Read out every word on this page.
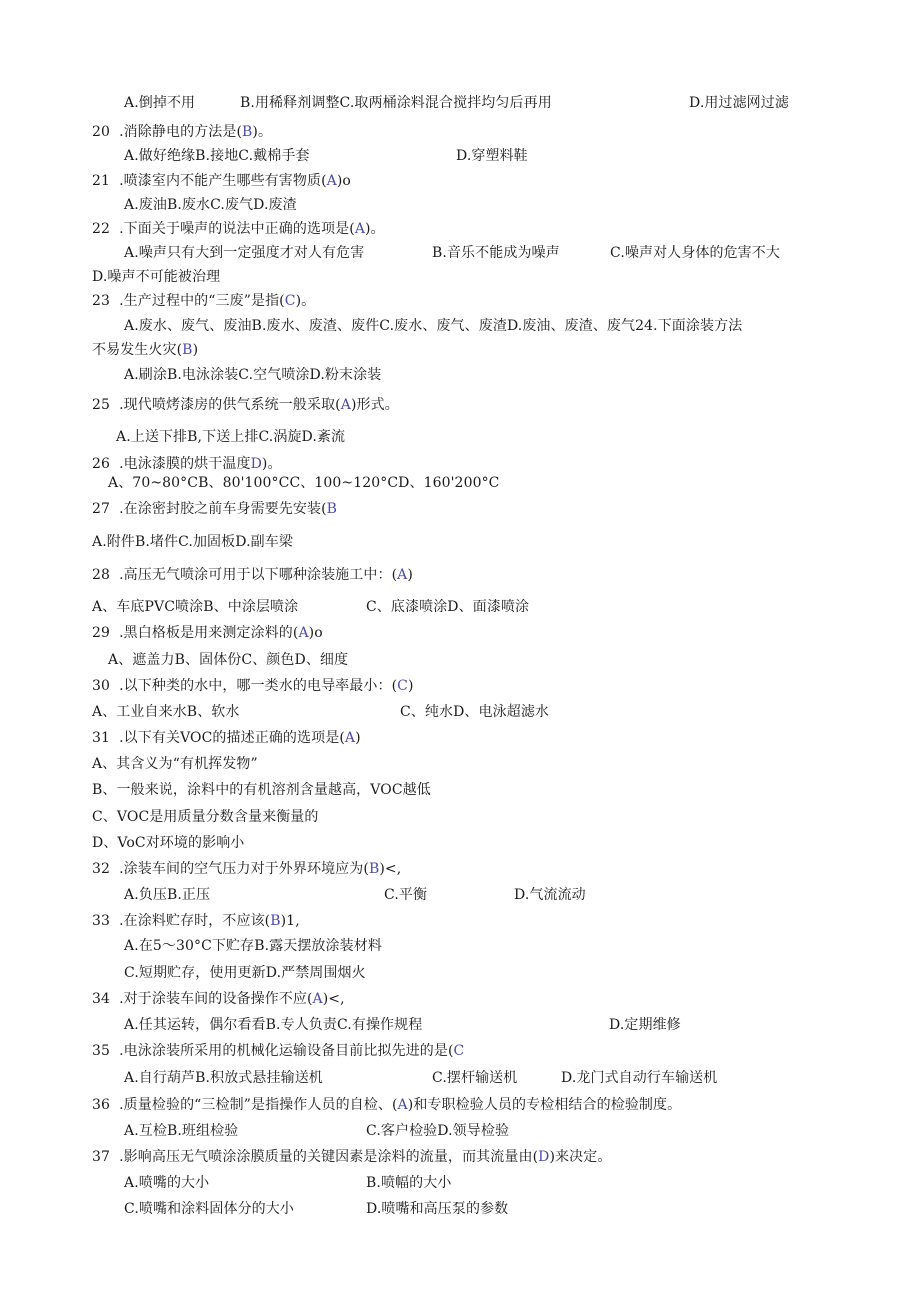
A.倒掉不用	B.用稀释剂调整C.取两桶涂料混合搅拌均匀后再用	D.用过滤网过滤
20  .消除静电的方法是(B)。
A.做好绝缘B.接地C.戴棉手套	D.穿塑料鞋
21  .喷漆室内不能产生哪些有害物质(A)o
A.废油B.废水C.废气D.废渣
22  .下面关于噪声的说法中正确的选项是(A)。
A.噪声只有大到一定强度才对人有危害	B.音乐不能成为噪声	C.噪声对人身体的危害不大
D.噪声不可能被治理
23  .生产过程中的“三废”是指(C)。
A.废水、废气、废油B.废水、废渣、废件C.废水、废气、废渣D.废油、废渣、废气24.下面涂装方法
不易发生火灾(B)
A.刷涂B.电泳涂装C.空气喷涂D.粉末涂装
25  .现代喷烤漆房的供气系统一般采取(A)形式。
A.上送下排B,下送上排C.涡旋D.紊流
26  .电泳漆膜的烘干温度D)。
A、70~80°CB、80'100°CC、100~120°CD、160'200°C
27  .在涂密封胶之前车身需要先安装(B
A.附件B.堵件C.加固板D.副车梁
28  .高压无气喷涂可用于以下哪种涂装施工中：(A)
A、车底PVC喷涂B、中涂层喷涂	C、底漆喷涂D、面漆喷涂
29  .黑白格板是用来测定涂料的(A)o
A、遮盖力B、固体份C、颜色D、细度
30  .以下种类的水中，哪一类水的电导率最小：(C)
A、工业自来水B、软水	C、纯水D、电泳超滤水
31  .以下有关VOC的描述正确的选项是(A)
A、其含义为“有机挥发物”
B、一般来说，涂料中的有机溶剂含量越高，VOC越低
C、VOC是用质量分数含量来衡量的
D、VoC对环境的影响小
32  .涂装车间的空气压力对于外界环境应为(B)<,
A.负压B.正压	C.平衡	D.气流流动
33  .在涂料贮存时，不应该(B)1,
A.在5～30°C下贮存B.露天摆放涂装材料
C.短期贮存，使用更新D.严禁周围烟火
34  .对于涂装车间的设备操作不应(A)<,
A.任其运转，偶尔看看B.专人负责C.有操作规程	D.定期维修
35  .电泳涂装所采用的机械化运输设备目前比拟先进的是(C
A.自行葫芦B.积放式悬挂输送机	C.摆杆输送机	D.龙门式自动行车输送机
36  .质量检验的“三检制”是指操作人员的自检、(A)和专职检验人员的专检相结合的检验制度。
A.互检B.班组检验	C.客户检验D.领导检验
37  .影响高压无气喷涂涂膜质量的关键因素是涂料的流量，而其流量由(D)来决定。
A.喷嘴的大小	B.喷幅的大小
C.喷嘴和涂料固体分的大小	D.喷嘴和高压泵的参数
